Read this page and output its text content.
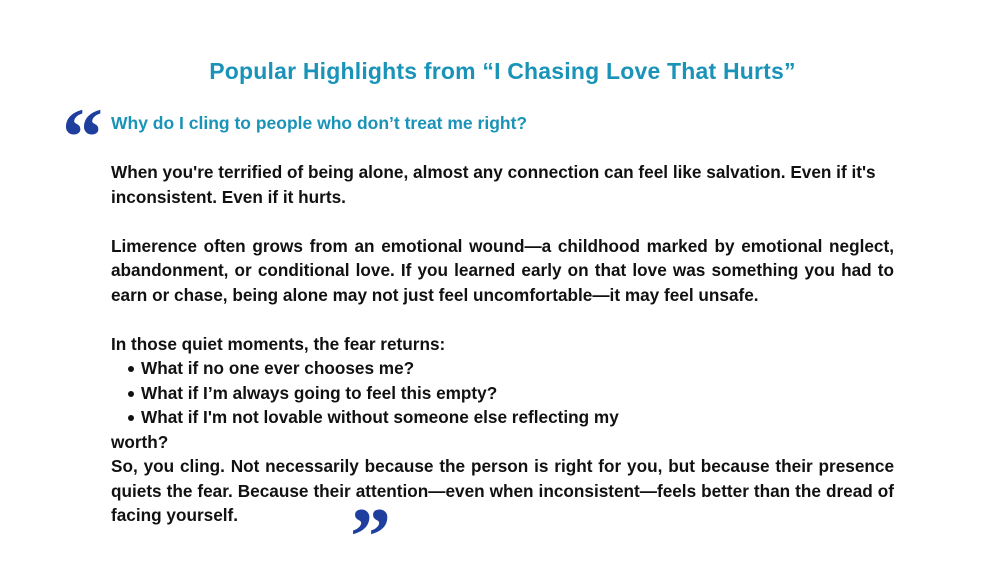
Popular Highlights from “I Chasing Love That Hurts”
“ Why do I cling to people who don’t treat me right?

When you're terrified of being alone, almost any connection can feel like salvation. Even if it's inconsistent. Even if it hurts.

Limerence often grows from an emotional wound—a childhood marked by emotional neglect, abandonment, or conditional love. If you learned early on that love was something you had to earn or chase, being alone may not just feel uncomfortable—it may feel unsafe.

In those quiet moments, the fear returns:
What if no one ever chooses me?
What if I’m always going to feel this empty?
What if I'm not lovable without someone else reflecting my
worth?

So, you cling. Not necessarily because the person is right for you, but because their presence quiets the fear. Because their attention—even when inconsistent—feels better than the dread of facing yourself.	”
